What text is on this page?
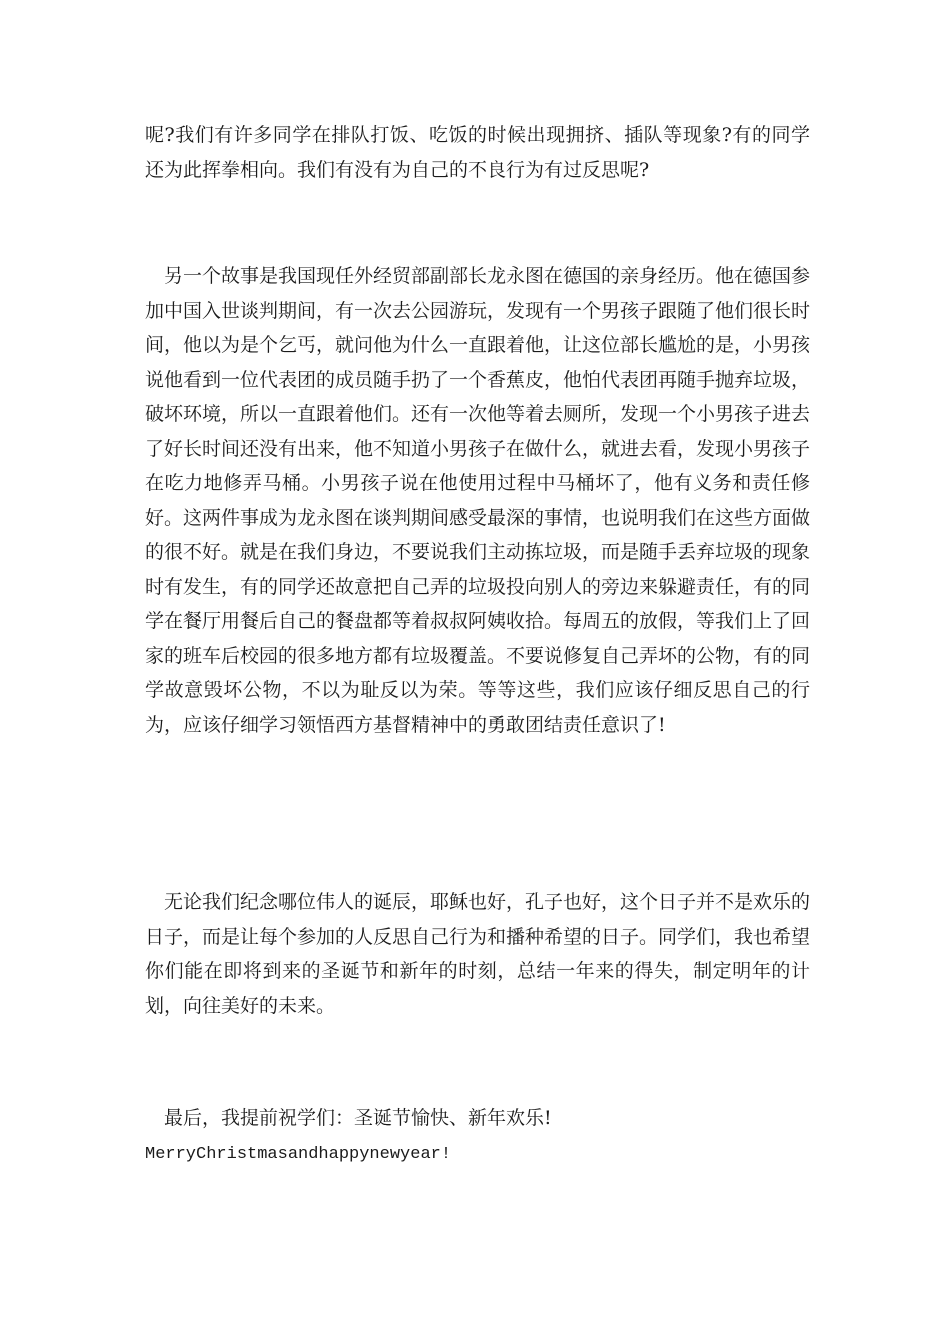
呢?我们有许多同学在排队打饭、吃饭的时候出现拥挤、插队等现象?有的同学还为此挥拳相向。我们有没有为自己的不良行为有过反思呢?

另一个故事是我国现任外经贸部副部长龙永图在德国的亲身经历。他在德国参加中国入世谈判期间，有一次去公园游玩，发现有一个男孩子跟随了他们很长时间，他以为是个乞丐，就问他为什么一直跟着他，让这位部长尴尬的是，小男孩说他看到一位代表团的成员随手扔了一个香蕉皮，他怕代表团再随手抛弃垃圾，破坏环境，所以一直跟着他们。还有一次他等着去厕所，发现一个小男孩子进去了好长时间还没有出来，他不知道小男孩子在做什么，就进去看，发现小男孩子在吃力地修弄马桶。小男孩子说在他使用过程中马桶坏了，他有义务和责任修好。这两件事成为龙永图在谈判期间感受最深的事情，也说明我们在这些方面做的很不好。就是在我们身边，不要说我们主动拣垃圾，而是随手丢弃垃圾的现象时有发生，有的同学还故意把自己弄的垃圾投向别人的旁边来躲避责任，有的同学在餐厅用餐后自己的餐盘都等着叔叔阿姨收拾。每周五的放假，等我们上了回家的班车后校园的很多地方都有垃圾覆盖。不要说修复自己弄坏的公物，有的同学故意毁坏公物，不以为耻反以为荣。等等这些，我们应该仔细反思自己的行为，应该仔细学习领悟西方基督精神中的勇敢团结责任意识了!

无论我们纪念哪位伟人的诞辰，耶稣也好，孔子也好，这个日子并不是欢乐的日子，而是让每个参加的人反思自己行为和播种希望的日子。同学们，我也希望你们能在即将到来的圣诞节和新年的时刻，总结一年来的得失，制定明年的计划，向往美好的未来。

最后，我提前祝学们：圣诞节愉快、新年欢乐!

MerryChristmasandhappynewyear!
